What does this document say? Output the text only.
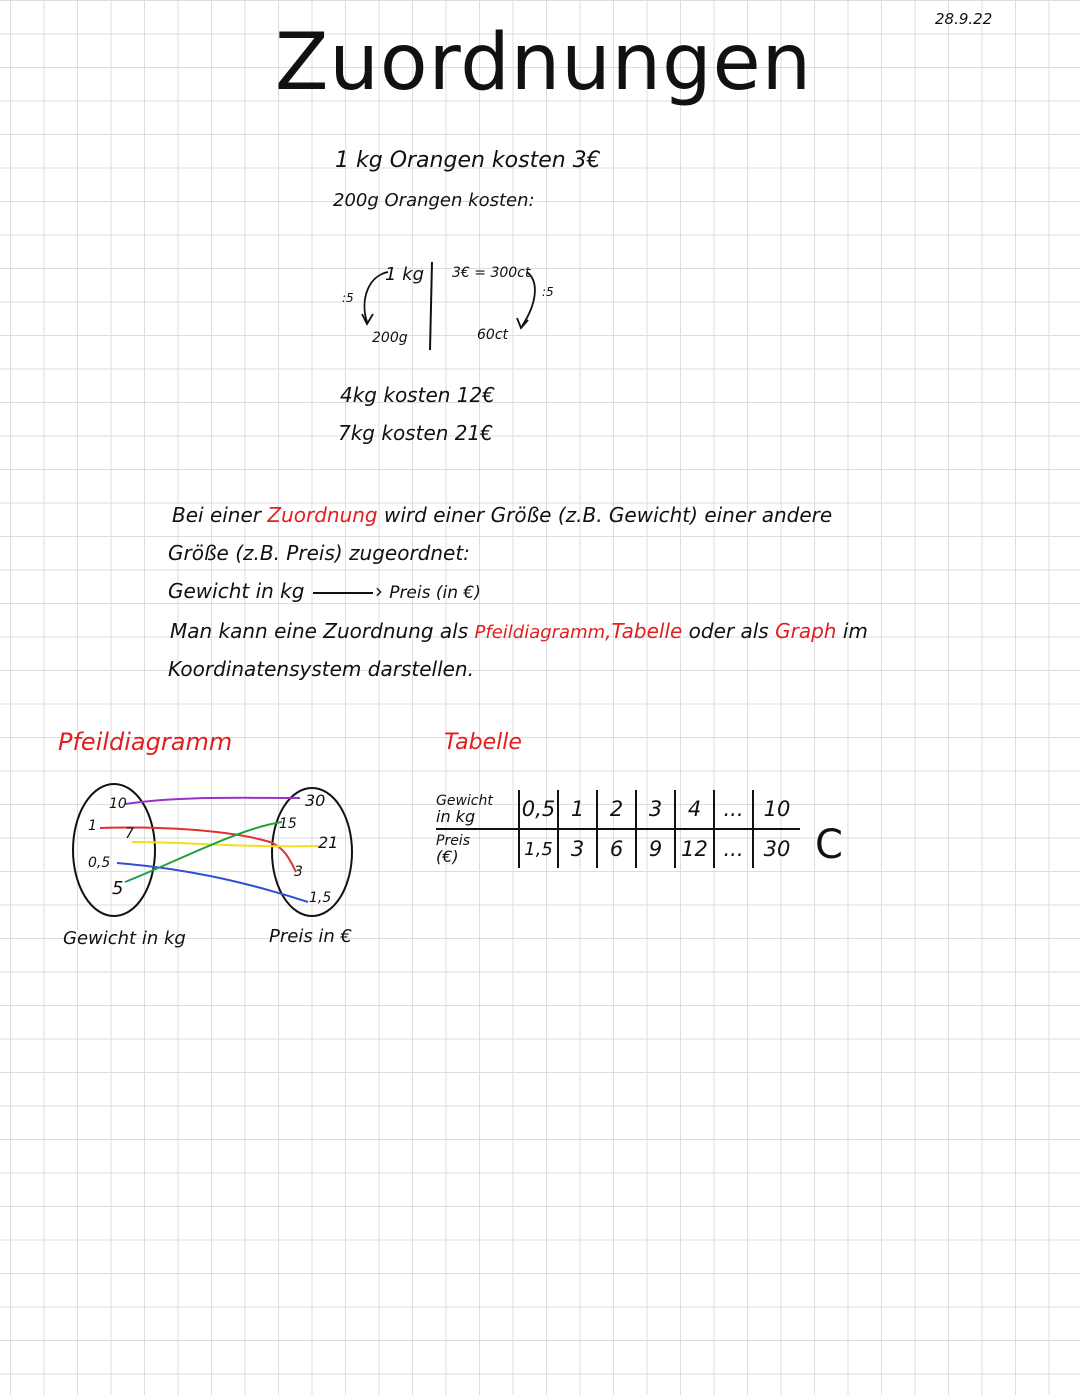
Zuordnungen	28.9.22
1 kg Orangen kosten 3€
200g Orangen kosten:
1 kg
200g
:5
3€ = 300ct
60ct
:5
4kg kosten 12€
7kg kosten 21€
Bei einer Zuordnung wird einer Größe (z.B. Gewicht) einer andere
Größe (z.B. Preis) zugeordnet:
Gewicht in kg	› Preis (in €)
Man kann eine Zuordnung als Pfeildiagramm,Tabelle oder als Graph im
Koordinatensystem darstellen.
Pfeildiagramm
10
1 7
0,5
5
30
15
21
3
1,5
Gewicht in kg	Preis in €
Tabelle
Gewicht
in kg	0,5	1	2	3	4	...	10

Preis
(€)	1,5	3	6	9	12	...	30 C
